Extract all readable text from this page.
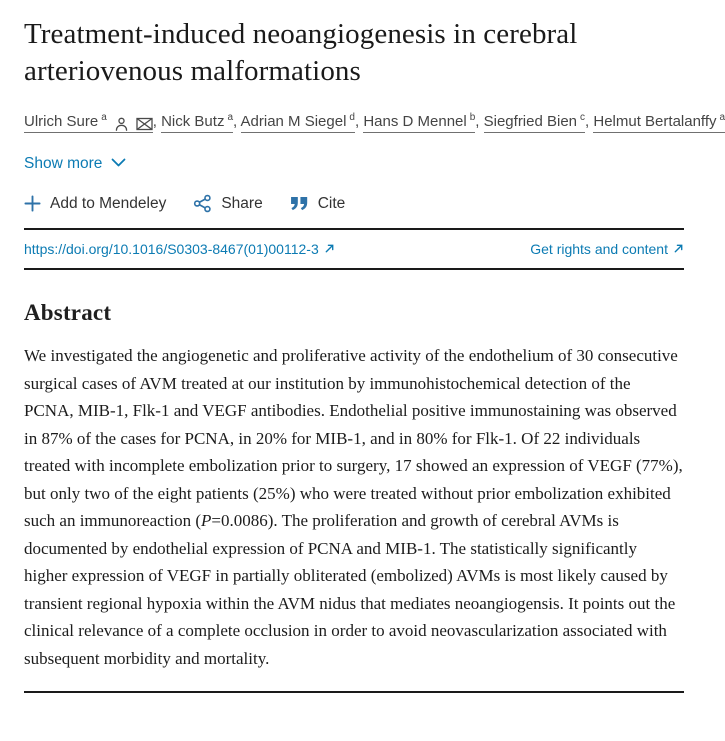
Treatment-induced neoangiogenesis in cerebral arteriovenous malformations
Ulrich Sure $^a$	, Nick Butz $^a$, Adrian M Siegel $^d$, Hans D Mennel $^b$, Siegfried Bien $^c$, Helmut Bertalanffy $^a$
Show more
Add to Mendeley	Share	Cite
https://doi.org/10.1016/S0303-8467(01)00112-3	Get rights and content
Abstract

We investigated the angiogenetic and proliferative activity of the endothelium of 30 consecutive surgical cases of AVM treated at our institution by immunohistochemical detection of the PCNA, MIB-1, Flk-1 and VEGF antibodies. Endothelial positive immunostaining was observed in 87% of the cases for PCNA, in 20% for MIB-1, and in 80% for Flk-1. Of 22 individuals treated with incomplete embolization prior to surgery, 17 showed an expression of VEGF (77%), but only two of the eight patients (25%) who were treated without prior embolization exhibited such an immunoreaction (P=0.0086). The proliferation and growth of cerebral AVMs is documented by endothelial expression of PCNA and MIB-1. The statistically significantly higher expression of VEGF in partially obliterated (embolized) AVMs is most likely caused by transient regional hypoxia within the AVM nidus that mediates neoangiogensis. It points out the clinical relevance of a complete occlusion in order to avoid neovascularization associated with subsequent morbidity and mortality.
